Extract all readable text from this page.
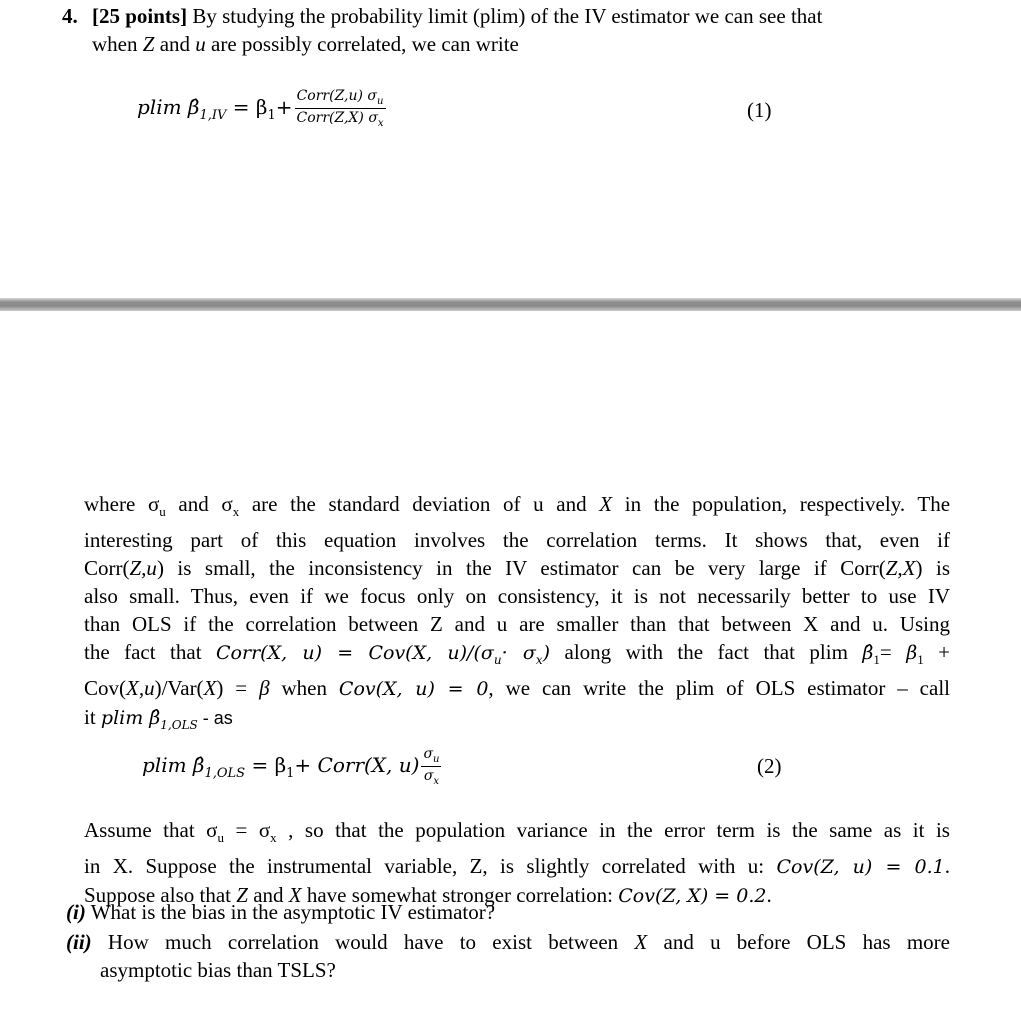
4. [25 points] By studying the probability limit (plim) of the IV estimator we can see that
when Z and u are possibly correlated, we can write
plim $\betâ_{1,IV} = \beta_1+ \frac{Corr(Z,u) \sigma_u}{Corr(Z,X) \sigma_x}$	(1)
where $\sigma_u$ and $\sigma_x$ are the standard deviation of u and X in the population, respectively. The
interesting part of this equation involves the correlation terms. It shows that, even if
Corr(Z,u) is small, the inconsistency in the IV estimator can be very large if Corr(Z,X) is
also small. Thus, even if we focus only on consistency, it is not necessarily better to use IV
than OLS if the correlation between Z and u are smaller than that between X and u. Using
the fact that Corr(X, u) = Cov(X, $u)/(\sigma_u\cdot \sigma_x)$ along with the fact that plim $\betâ_1= \beta_1$ +
Cov(X,u)/Var(X) = β when Cov(X, u) = 0, we can write the plim of OLS estimator – call
it plim $\betâ_{1,OLS}$ - as
plim $\betâ_{1,OLS} = \beta_1+$ Corr(X, $u) \frac{\sigma_u}{\sigma_x}$	(2)
Assume that $\sigma_u = \sigma_x$ , so that the population variance in the error term is the same as it is
in X. Suppose the instrumental variable, Z, is slightly correlated with u: Cov(Z, u) = 0.1.
Suppose also that Z and X have somewhat stronger correlation: Cov(Z, X) = 0.2.
(i) What is the bias in the asymptotic IV estimator?
(ii) How much correlation would have to exist between X and u before OLS has more
asymptotic bias than TSLS?
